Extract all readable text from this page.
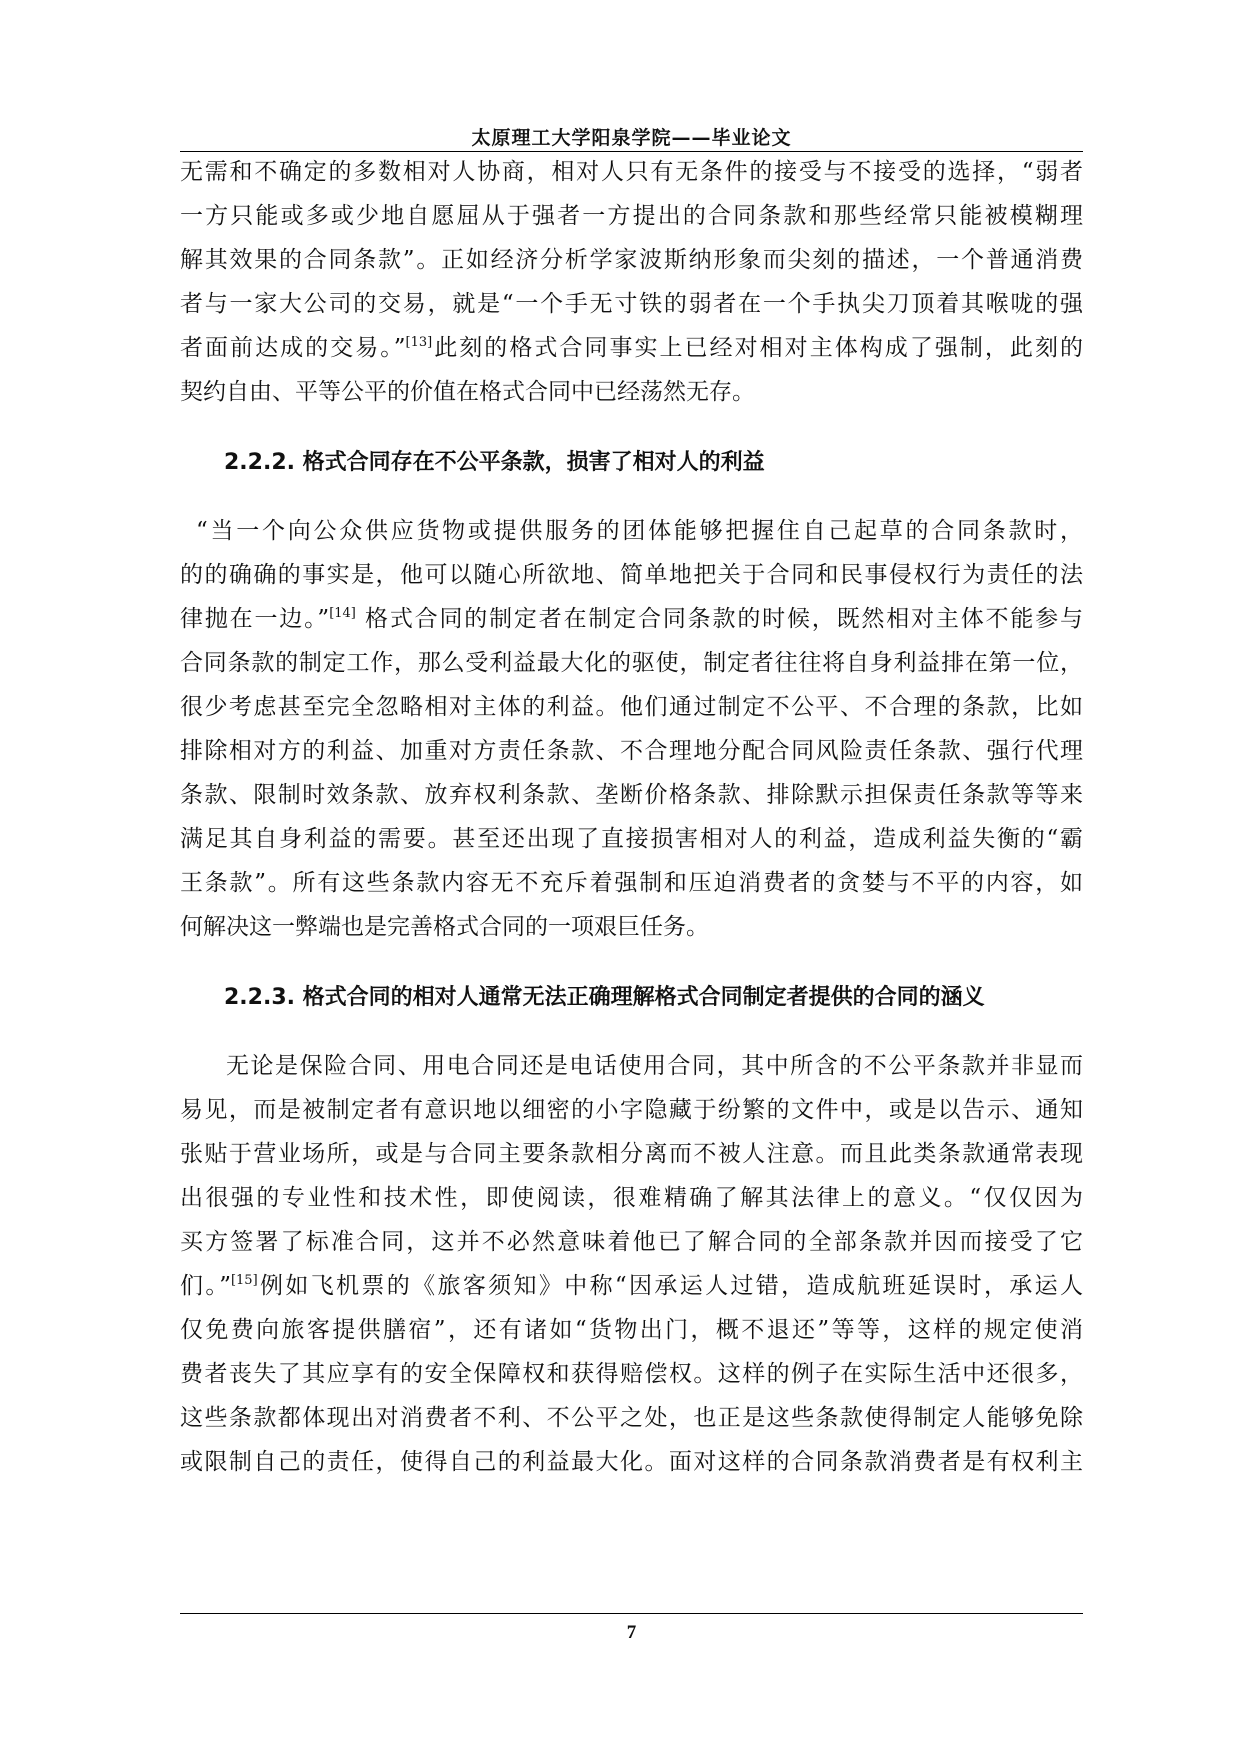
太原理工大学阳泉学院——毕业论文
无需和不确定的多数相对人协商，相对人只有无条件的接受与不接受的选择，“弱者
一方只能或多或少地自愿屈从于强者一方提出的合同条款和那些经常只能被模糊理
解其效果的合同条款”。正如经济分析学家波斯纳形象而尖刻的描述，一个普通消费
者与一家大公司的交易，就是“一个手无寸铁的弱者在一个手执尖刀顶着其喉咙的强
者面前达成的交易。”[13]此刻的格式合同事实上已经对相对主体构成了强制，此刻的
契约自由、平等公平的价值在格式合同中已经荡然无存。
2.2.2. 格式合同存在不公平条款，损害了相对人的利益
“当一个向公众供应货物或提供服务的团体能够把握住自己起草的合同条款时，
的的确确的事实是，他可以随心所欲地、简单地把关于合同和民事侵权行为责任的法
律抛在一边。”[14] 格式合同的制定者在制定合同条款的时候，既然相对主体不能参与
合同条款的制定工作，那么受利益最大化的驱使，制定者往往将自身利益排在第一位，
很少考虑甚至完全忽略相对主体的利益。他们通过制定不公平、不合理的条款，比如
排除相对方的利益、加重对方责任条款、不合理地分配合同风险责任条款、强行代理
条款、限制时效条款、放弃权利条款、垄断价格条款、排除默示担保责任条款等等来
满足其自身利益的需要。甚至还出现了直接损害相对人的利益，造成利益失衡的“霸
王条款”。所有这些条款内容无不充斥着强制和压迫消费者的贪婪与不平的内容，如
何解决这一弊端也是完善格式合同的一项艰巨任务。
2.2.3. 格式合同的相对人通常无法正确理解格式合同制定者提供的合同的涵义
无论是保险合同、用电合同还是电话使用合同，其中所含的不公平条款并非显而
易见，而是被制定者有意识地以细密的小字隐藏于纷繁的文件中，或是以告示、通知
张贴于营业场所，或是与合同主要条款相分离而不被人注意。而且此类条款通常表现
出很强的专业性和技术性，即使阅读，很难精确了解其法律上的意义。“仅仅因为
买方签署了标准合同，这并不必然意味着他已了解合同的全部条款并因而接受了它
们。”[15]例如飞机票的《旅客须知》中称“因承运人过错，造成航班延误时，承运人
仅免费向旅客提供膳宿”，还有诸如“货物出门，概不退还”等等，这样的规定使消
费者丧失了其应享有的安全保障权和获得赔偿权。这样的例子在实际生活中还很多，
这些条款都体现出对消费者不利、不公平之处，也正是这些条款使得制定人能够免除
或限制自己的责任，使得自己的利益最大化。面对这样的合同条款消费者是有权利主
7
